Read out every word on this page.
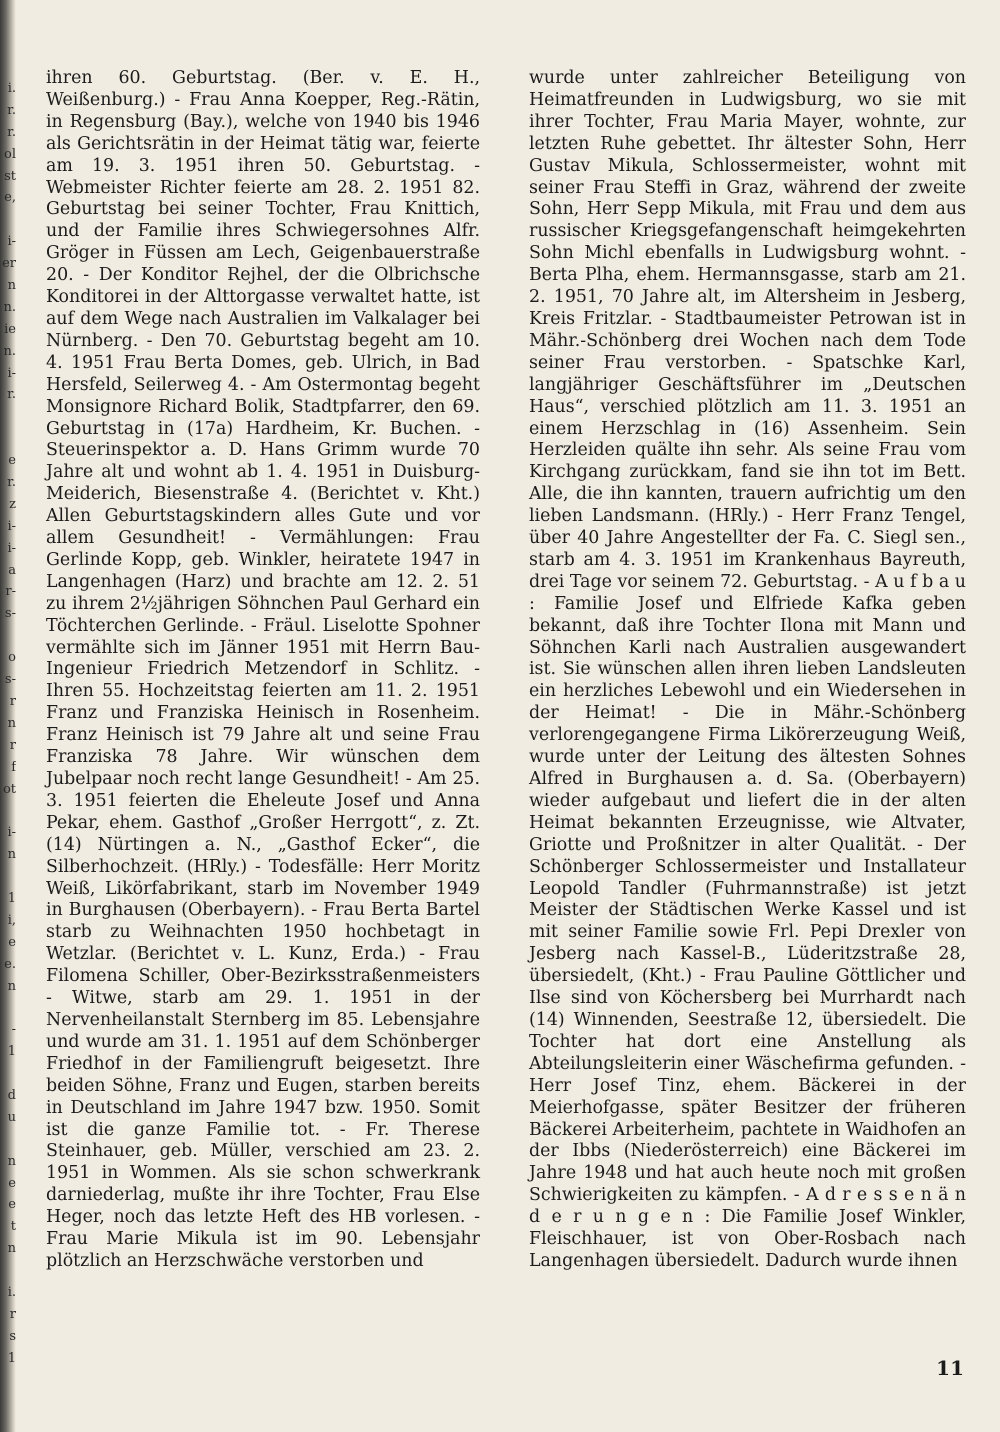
i.
r.
r.
ol
st
e,
i-
er
n
n.
ie
n.
i-
r.
e
r.
z
i-
i-
a
r-
s-
o
s-
r
n
r
f
ot
i-
n
1
i,
e
e.
n
-
1
d
u
n
e
e
t
n
i.
r
s
1

ihren 60. Geburtstag. (Ber. v. E. H., Weißenburg.) - Frau Anna Koepper, Reg.-Rätin, in Regensburg (Bay.), welche von 1940 bis 1946 als Gerichtsrätin in der Heimat tätig war, feierte am 19. 3. 1951 ihren 50. Geburtstag. - Webmeister Richter feierte am 28. 2. 1951 82. Geburtstag bei seiner Tochter, Frau Knittich, und der Familie ihres Schwiegersohnes Alfr. Gröger in Füssen am Lech, Geigenbauerstraße 20. - Der Konditor Rejhel, der die Olbrichsche Konditorei in der Alttorgasse verwaltet hatte, ist auf dem Wege nach Australien im Valkalager bei Nürnberg. - Den 70. Geburtstag begeht am 10. 4. 1951 Frau Berta Domes, geb. Ulrich, in Bad Hersfeld, Seilerweg 4. - Am Ostermontag begeht Monsignore Richard Bolik, Stadtpfarrer, den 69. Geburtstag in (17a) Hardheim, Kr. Buchen. - Steuerinspektor a. D. Hans Grimm wurde 70 Jahre alt und wohnt ab 1. 4. 1951 in Duisburg-Meiderich, Biesenstraße 4. (Berichtet v. Kht.) Allen Geburtstagskindern alles Gute und vor allem Gesundheit! - Vermählungen: Frau Gerlinde Kopp, geb. Winkler, heiratete 1947 in Langenhagen (Harz) und brachte am 12. 2. 51 zu ihrem 2½jährigen Söhnchen Paul Gerhard ein Töchterchen Gerlinde. - Fräul. Liselotte Spohner vermählte sich im Jänner 1951 mit Herrn Bau-Ingenieur Friedrich Metzendorf in Schlitz. - Ihren 55. Hochzeitstag feierten am 11. 2. 1951 Franz und Franziska Heinisch in Rosenheim. Franz Heinisch ist 79 Jahre alt und seine Frau Franziska 78 Jahre. Wir wünschen dem Jubelpaar noch recht lange Gesundheit! - Am 25. 3. 1951 feierten die Eheleute Josef und Anna Pekar, ehem. Gasthof „Großer Herrgott“, z. Zt. (14) Nürtingen a. N., „Gasthof Ecker“, die Silberhochzeit. (HRly.) - Todesfälle: Herr Moritz Weiß, Likörfabrikant, starb im November 1949 in Burghausen (Oberbayern). - Frau Berta Bartel starb zu Weihnachten 1950 hochbetagt in Wetzlar. (Berichtet v. L. Kunz, Erda.) - Frau Filomena Schiller, Ober-Bezirksstraßenmeisters - Witwe, starb am 29. 1. 1951 in der Nervenheilanstalt Sternberg im 85. Lebensjahre und wurde am 31. 1. 1951 auf dem Schönberger Friedhof in der Familiengruft beigesetzt. Ihre beiden Söhne, Franz und Eugen, starben bereits in Deutschland im Jahre 1947 bzw. 1950. Somit ist die ganze Familie tot. - Fr. Therese Steinhauer, geb. Müller, verschied am 23. 2. 1951 in Wommen. Als sie schon schwerkrank darniederlag, mußte ihr ihre Tochter, Frau Else Heger, noch das letzte Heft des HB vorlesen. - Frau Marie Mikula ist im 90. Lebensjahr plötzlich an Herzschwäche verstorben und

wurde unter zahlreicher Beteiligung von Heimatfreunden in Ludwigsburg, wo sie mit ihrer Tochter, Frau Maria Mayer, wohnte, zur letzten Ruhe gebettet. Ihr ältester Sohn, Herr Gustav Mikula, Schlossermeister, wohnt mit seiner Frau Steffi in Graz, während der zweite Sohn, Herr Sepp Mikula, mit Frau und dem aus russischer Kriegsgefangenschaft heimgekehrten Sohn Michl ebenfalls in Ludwigsburg wohnt. - Berta Plha, ehem. Hermannsgasse, starb am 21. 2. 1951, 70 Jahre alt, im Altersheim in Jesberg, Kreis Fritzlar. - Stadtbaumeister Petrowan ist in Mähr.-Schönberg drei Wochen nach dem Tode seiner Frau verstorben. - Spatschke Karl, langjähriger Geschäftsführer im „Deutschen Haus“, verschied plötzlich am 11. 3. 1951 an einem Herzschlag in (16) Assenheim. Sein Herzleiden quälte ihn sehr. Als seine Frau vom Kirchgang zurückkam, fand sie ihn tot im Bett. Alle, die ihn kannten, trauern aufrichtig um den lieben Landsmann. (HRly.) - Herr Franz Tengel, über 40 Jahre Angestellter der Fa. C. Siegl sen., starb am 4. 3. 1951 im Krankenhaus Bayreuth, drei Tage vor seinem 72. Geburtstag. - A u f b a u : Familie Josef und Elfriede Kafka geben bekannt, daß ihre Tochter Ilona mit Mann und Söhnchen Karli nach Australien ausgewandert ist. Sie wünschen allen ihren lieben Landsleuten ein herzliches Lebewohl und ein Wiedersehen in der Heimat! - Die in Mähr.-Schönberg verlorengegangene Firma Likörerzeugung Weiß, wurde unter der Leitung des ältesten Sohnes Alfred in Burghausen a. d. Sa. (Oberbayern) wieder aufgebaut und liefert die in der alten Heimat bekannten Erzeugnisse, wie Altvater, Griotte und Proßnitzer in alter Qualität. - Der Schönberger Schlossermeister und Installateur Leopold Tandler (Fuhrmannstraße) ist jetzt Meister der Städtischen Werke Kassel und ist mit seiner Familie sowie Frl. Pepi Drexler von Jesberg nach Kassel-B., Lüderitzstraße 28, übersiedelt, (Kht.) - Frau Pauline Göttlicher und Ilse sind von Köchersberg bei Murrhardt nach (14) Winnenden, Seestraße 12, übersiedelt. Die Tochter hat dort eine Anstellung als Abteilungsleiterin einer Wäschefirma gefunden. - Herr Josef Tinz, ehem. Bäckerei in der Meierhofgasse, später Besitzer der früheren Bäckerei Arbeiterheim, pachtete in Waidhofen an der Ibbs (Niederösterreich) eine Bäckerei im Jahre 1948 und hat auch heute noch mit großen Schwierigkeiten zu kämpfen. - A d r e s s e n ä n d e r u n g e n : Die Familie Josef Winkler, Fleischhauer, ist von Ober-Rosbach nach Langenhagen übersiedelt. Dadurch wurde ihnen

11
